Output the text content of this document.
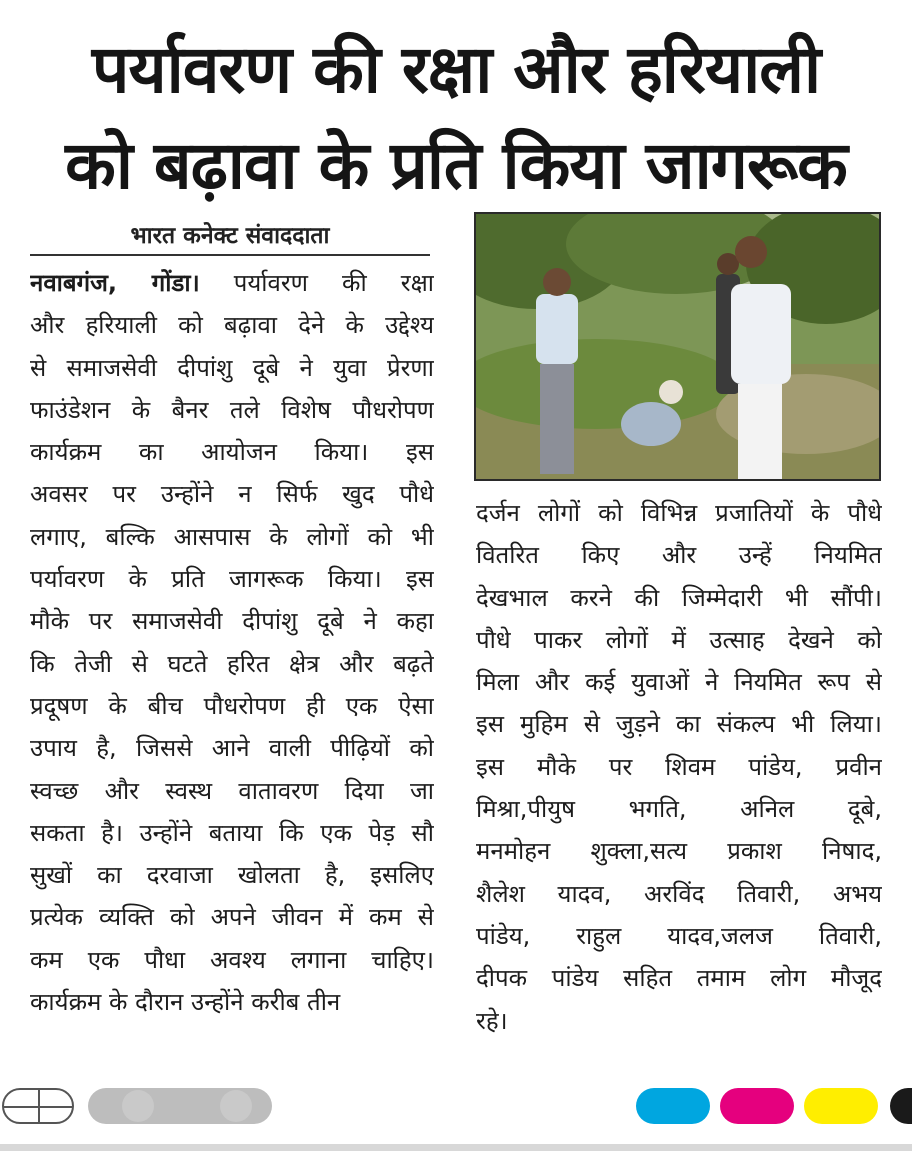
पर्यावरण की रक्षा और हरियाली
को बढ़ावा के प्रति किया जागरूक
भारत कनेक्ट संवाददाता
नवाबगंज, गोंडा। पर्यावरण की रक्षा
और हरियाली को बढ़ावा देने के उद्देश्य
से समाजसेवी दीपांशु दूबे ने युवा प्रेरणा
फाउंडेशन के बैनर तले विशेष पौधरोपण
कार्यक्रम का आयोजन किया। इस
अवसर पर उन्होंने न सिर्फ खुद पौधे
लगाए, बल्कि आसपास के लोगों को भी
पर्यावरण के प्रति जागरूक किया। इस
मौके पर समाजसेवी दीपांशु दूबे ने कहा
कि तेजी से घटते हरित क्षेत्र और बढ़ते
प्रदूषण के बीच पौधरोपण ही एक ऐसा
उपाय है, जिससे आने वाली पीढ़ियों को
स्वच्छ और स्वस्थ वातावरण दिया जा
सकता है। उन्होंने बताया कि एक पेड़ सौ
सुखों का दरवाजा खोलता है, इसलिए
प्रत्येक व्यक्ति को अपने जीवन में कम से
कम एक पौधा अवश्य लगाना चाहिए।
कार्यक्रम के दौरान उन्होंने करीब तीन
दर्जन लोगों को विभिन्न प्रजातियों के पौधे
वितरित किए और उन्हें नियमित
देखभाल करने की जिम्मेदारी भी सौंपी।
पौधे पाकर लोगों में उत्साह देखने को
मिला और कई युवाओं ने नियमित रूप से
इस मुहिम से जुड़ने का संकल्प भी लिया।
इस मौके पर शिवम पांडेय, प्रवीन
मिश्रा,पीयुष भगति, अनिल दूबे,
मनमोहन शुक्ला,सत्य प्रकाश निषाद,
शैलेश यादव, अरविंद तिवारी, अभय
पांडेय, राहुल यादव,जलज तिवारी,
दीपक पांडेय सहित तमाम लोग मौजूद
रहे।
